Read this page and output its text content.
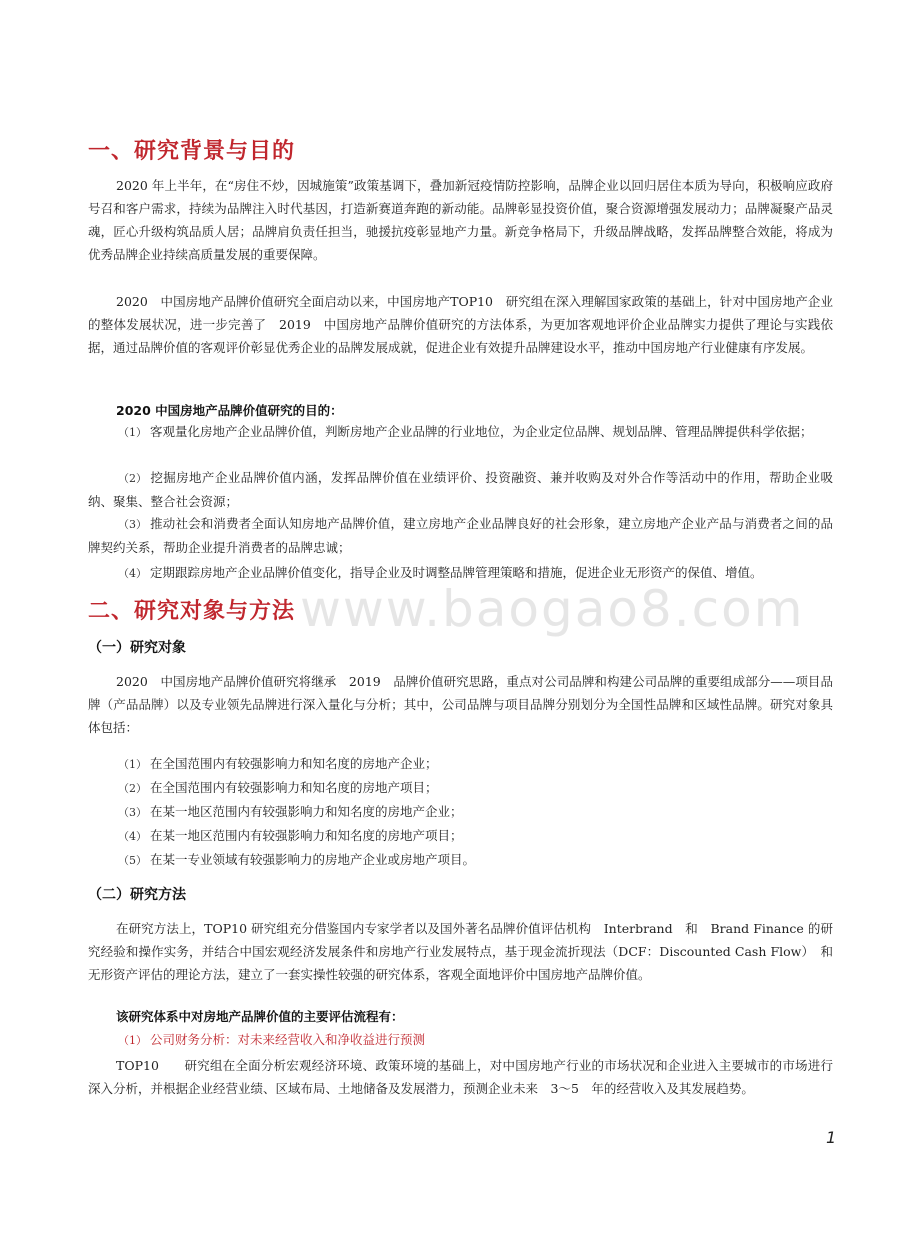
www.baogao8.com
一、研究背景与目的
2020 年上半年，在“房住不炒，因城施策”政策基调下，叠加新冠疫情防控影响，品牌企业以回归居住本质为导向，积极响应政府号召和客户需求，持续为品牌注入时代基因，打造新赛道奔跑的新动能。品牌彰显投资价值，聚合资源增强发展动力；品牌凝聚产品灵魂，匠心升级构筑品质人居；品牌肩负责任担当，驰援抗疫彰显地产力量。新竞争格局下，升级品牌战略，发挥品牌整合效能，将成为优秀品牌企业持续高质量发展的重要保障。
2020　中国房地产品牌价值研究全面启动以来，中国房地产TOP10　研究组在深入理解国家政策的基础上，针对中国房地产企业的整体发展状况，进一步完善了　2019　中国房地产品牌价值研究的方法体系，为更加客观地评价企业品牌实力提供了理论与实践依据，通过品牌价值的客观评价彰显优秀企业的品牌发展成就，促进企业有效提升品牌建设水平，推动中国房地产行业健康有序发展。
2020 中国房地产品牌价值研究的目的：
（1） 客观量化房地产企业品牌价值，判断房地产企业品牌的行业地位，为企业定位品牌、规划品牌、管理品牌提供科学依据；
（2） 挖掘房地产企业品牌价值内涵，发挥品牌价值在业绩评价、投资融资、兼并收购及对外合作等活动中的作用，帮助企业吸纳、聚集、整合社会资源；
（3） 推动社会和消费者全面认知房地产品牌价值，建立房地产企业品牌良好的社会形象，建立房地产企业产品与消费者之间的品牌契约关系，帮助企业提升消费者的品牌忠诚；
（4） 定期跟踪房地产企业品牌价值变化，指导企业及时调整品牌管理策略和措施，促进企业无形资产的保值、增值。
二、研究对象与方法
（一）研究对象
2020　中国房地产品牌价值研究将继承　2019　品牌价值研究思路，重点对公司品牌和构建公司品牌的重要组成部分——项目品牌（产品品牌）以及专业领先品牌进行深入量化与分析；其中，公司品牌与项目品牌分别划分为全国性品牌和区域性品牌。研究对象具体包括：
（1） 在全国范围内有较强影响力和知名度的房地产企业；
（2） 在全国范围内有较强影响力和知名度的房地产项目；
（3） 在某一地区范围内有较强影响力和知名度的房地产企业；
（4） 在某一地区范围内有较强影响力和知名度的房地产项目；
（5） 在某一专业领域有较强影响力的房地产企业或房地产项目。
（二）研究方法
在研究方法上，TOP10 研究组充分借鉴国内专家学者以及国外著名品牌价值评估机构　Interbrand　和　Brand Finance 的研究经验和操作实务，并结合中国宏观经济发展条件和房地产行业发展特点，基于现金流折现法（DCF：Discounted Cash Flow）　和无形资产评估的理论方法，建立了一套实操性较强的研究体系，客观全面地评价中国房地产品牌价值。
该研究体系中对房地产品牌价值的主要评估流程有：
（1） 公司财务分析：对未来经营收入和净收益进行预测
TOP10　　研究组在全面分析宏观经济环境、政策环境的基础上，对中国房地产行业的市场状况和企业进入主要城市的市场进行深入分析，并根据企业经营业绩、区域布局、土地储备及发展潜力，预测企业未来　3～5　年的经营收入及其发展趋势。
1
